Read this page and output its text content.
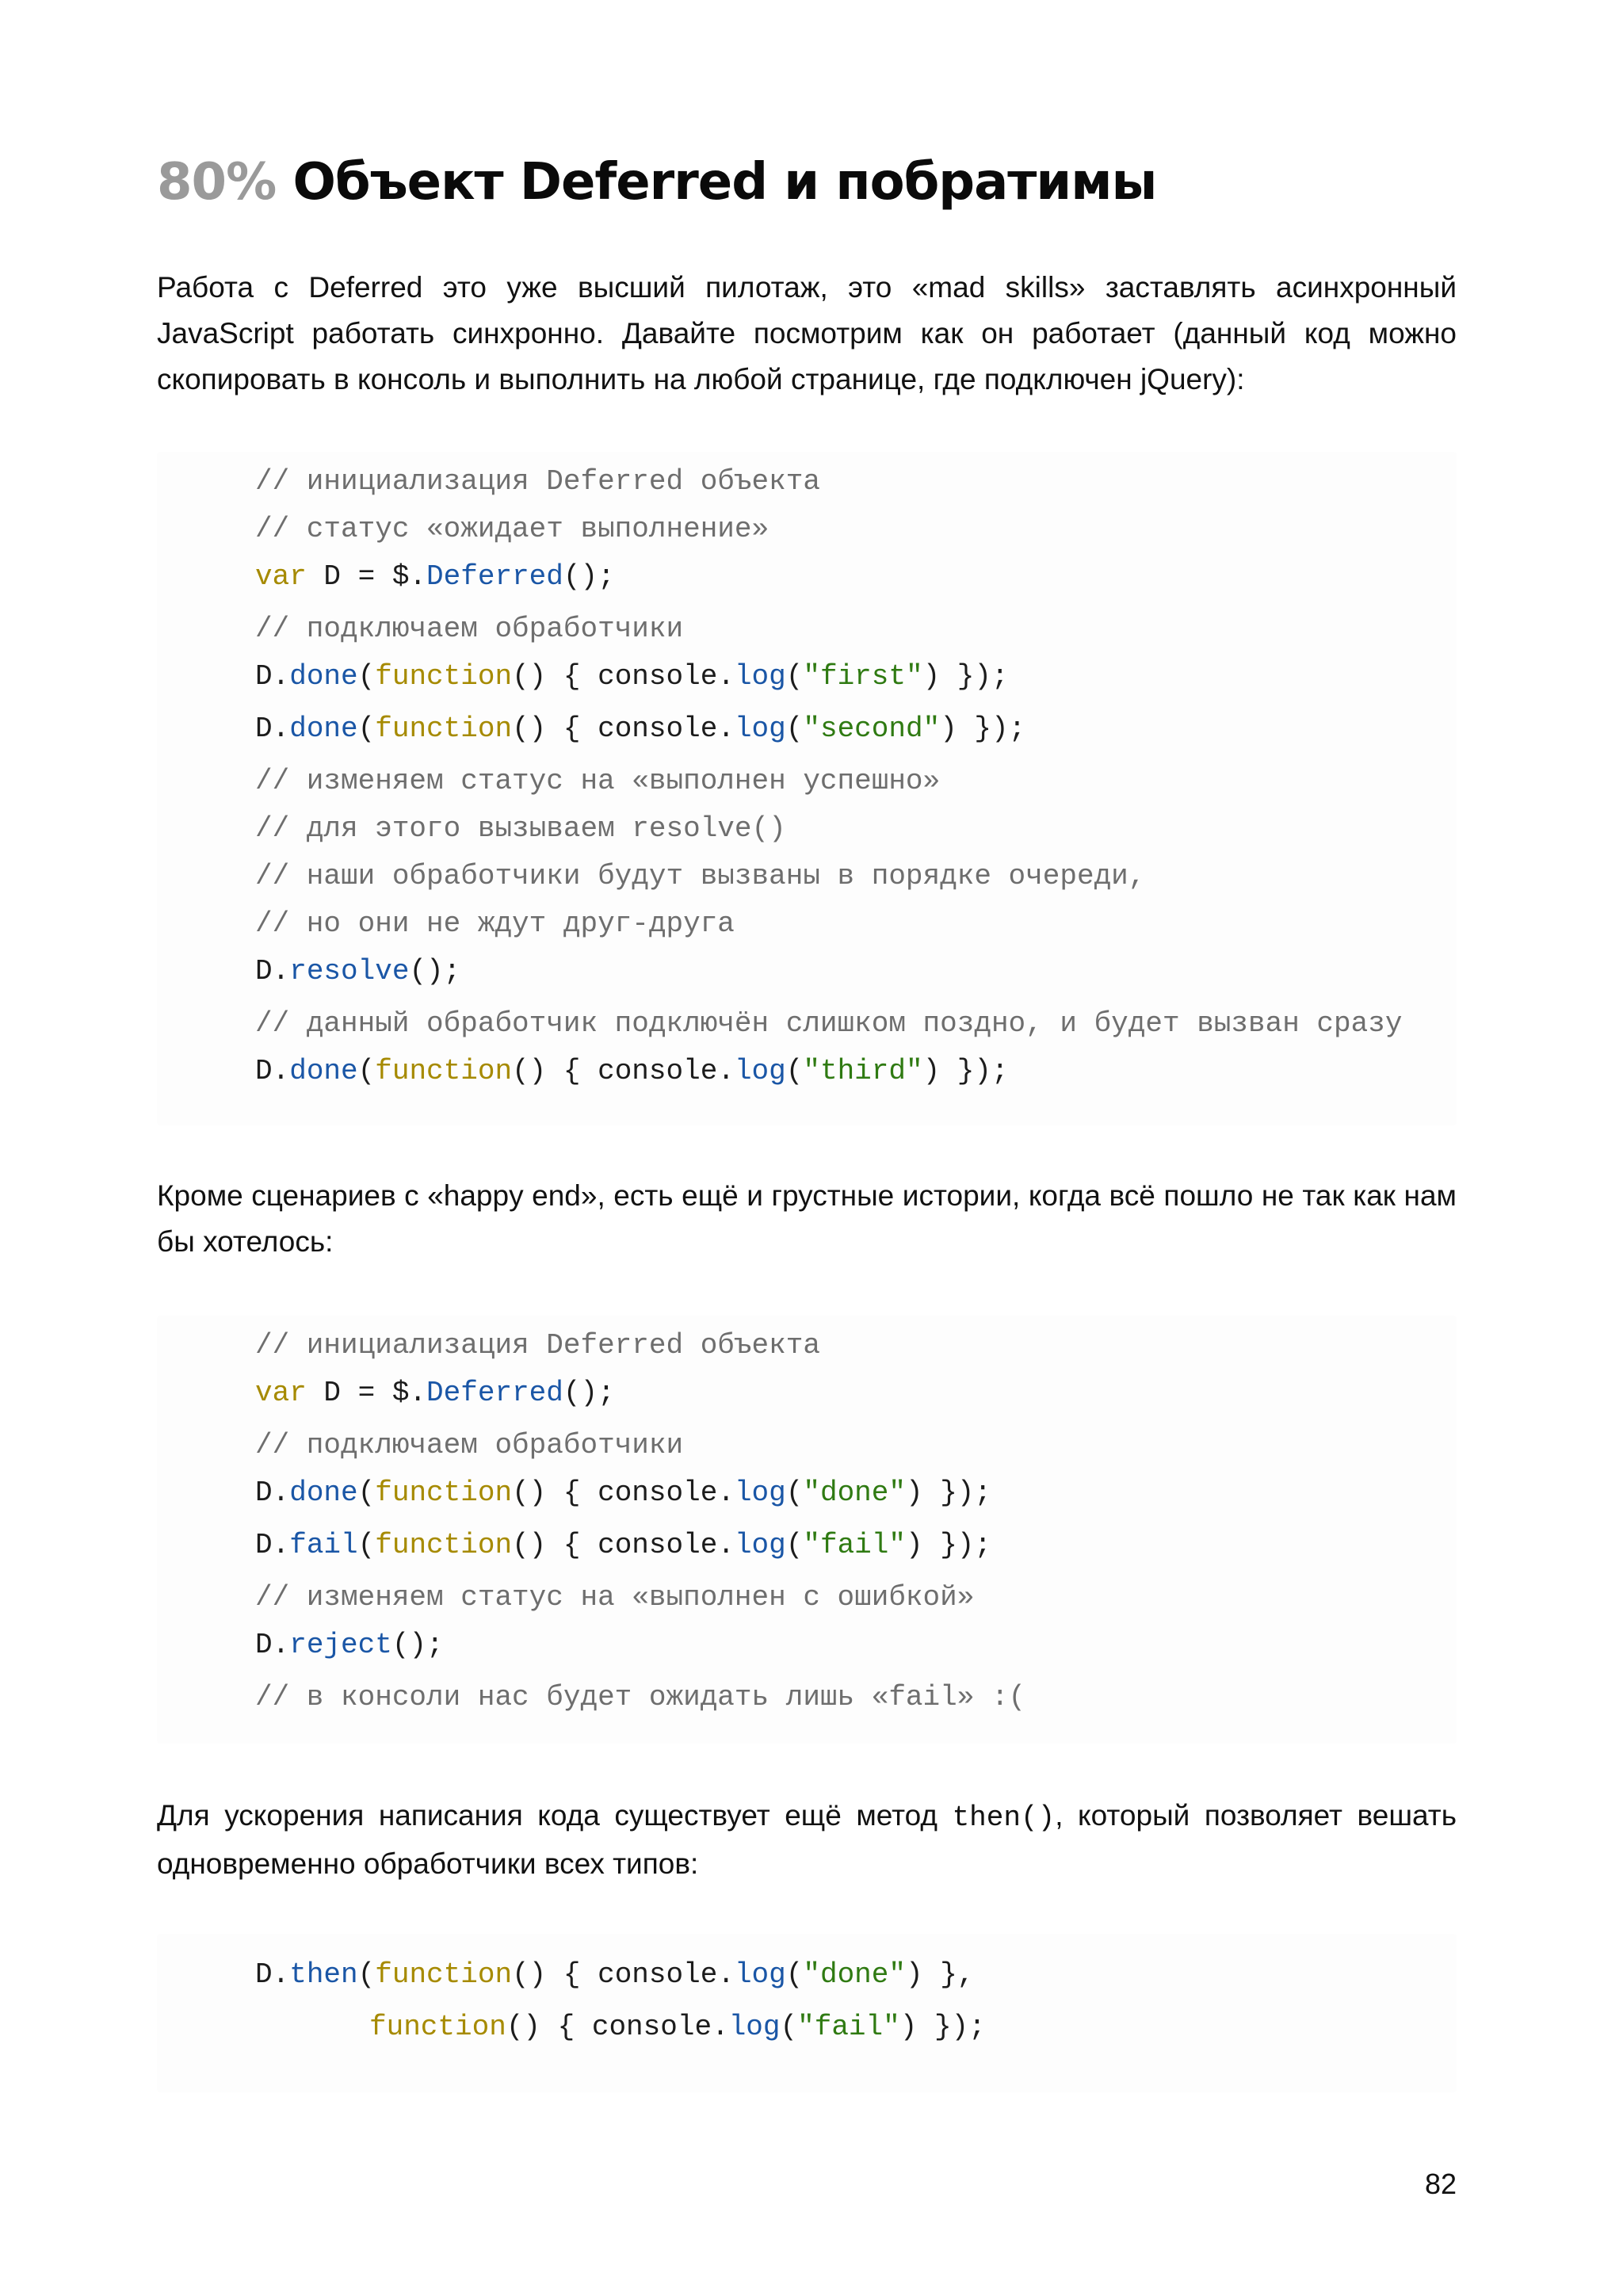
80% Объект Deferred и побратимы

Работа с Deferred это уже высший пилотаж, это «mad skills» заставлять асинхронный JavaScript работать синхронно. Давайте посмотрим как он работает (данный код можно скопировать в консоль и выполнить на любой странице, где подключен jQuery):

// инициализация Deferred объекта
// статус «ожидает выполнение»
var D = $.Deferred();
// подключаем обработчики
D.done(function() { console.log("first") });
D.done(function() { console.log("second") });
// изменяем статус на «выполнен успешно»
// для этого вызываем resolve()
// наши обработчики будут вызваны в порядке очереди,
// но они не ждут друг-друга
D.resolve();
// данный обработчик подключён слишком поздно, и будет вызван сразу
D.done(function() { console.log("third") });

Кроме сценариев с «happy end», есть ещё и грустные истории, когда всё пошло не так как нам бы хотелось:

// инициализация Deferred объекта
var D = $.Deferred();
// подключаем обработчики
D.done(function() { console.log("done") });
D.fail(function() { console.log("fail") });
// изменяем статус на «выполнен с ошибкой»
D.reject();
// в консоли нас будет ожидать лишь «fail» :(

Для ускорения написания кода существует ещё метод then(), который позволяет вешать одновременно обработчики всех типов:

D.then(function() { console.log("done") },
function() { console.log("fail") });
82
